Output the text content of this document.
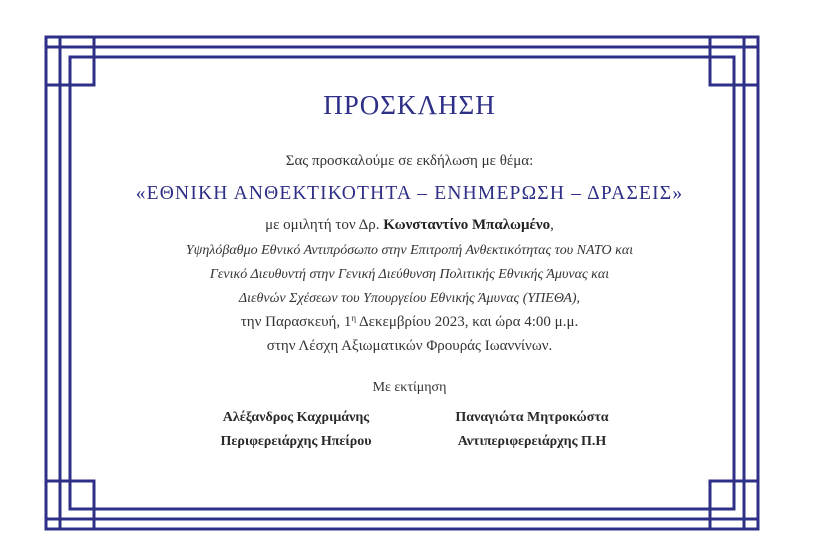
ΠΡΟΣΚΛΗΣΗ
Σας προσκαλούμε σε εκδήλωση με θέμα:
«ΕΘΝΙΚΗ ΑΝΘΕΚΤΙΚΟΤΗΤΑ – ΕΝΗΜΕΡΩΣΗ – ΔΡΑΣΕΙΣ»
με ομιλητή τον Δρ. Κωνσταντίνο Μπαλωμένο,
Υψηλόβαθμο Εθνικό Αντιπρόσωπο στην Επιτροπή Ανθεκτικότητας του ΝΑΤΟ και
Γενικό Διευθυντή στην Γενική Διεύθυνση Πολιτικής Εθνικής Άμυνας και
Διεθνών Σχέσεων του Υπουργείου Εθνικής Άμυνας (ΥΠΕΘΑ),
την Παρασκευή, $1^\eta$ Δεκεμβρίου 2023, και ώρα 4:00 μ.μ.
στην Λέσχη Αξιωματικών Φρουράς Ιωαννίνων.
Με εκτίμηση
Αλέξανδρος Καχριμάνης
Περιφερειάρχης Ηπείρου
Παναγιώτα Μητροκώστα
Αντιπεριφερειάρχης Π.Η
